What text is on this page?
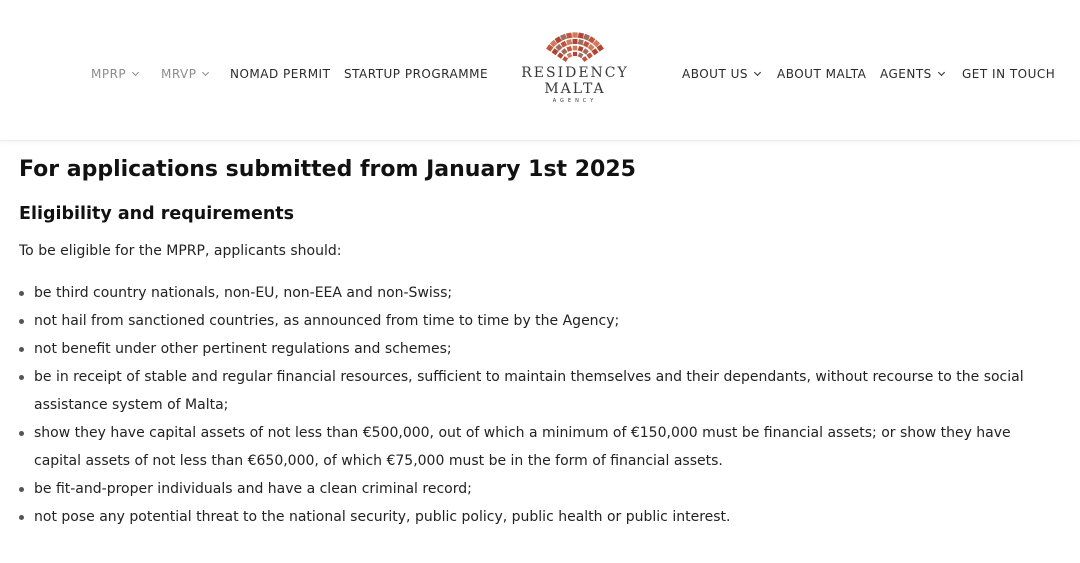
MPRP	MRVP	NOMAD PERMIT STARTUP PROGRAMME	RESIDENCY
MALTA
AGENCY
ABOUT US	ABOUT MALTA AGENTS	GET IN TOUCH
For applications submitted from January 1st 2025
Eligibility and requirements

To be eligible for the MPRP, applicants should:

be third country nationals, non-EU, non-EEA and non-Swiss;
not hail from sanctioned countries, as announced from time to time by the Agency;
not benefit under other pertinent regulations and schemes;
be in receipt of stable and regular financial resources, sufficient to maintain themselves and their dependants, without recourse to the social assistance system of Malta;
show they have capital assets of not less than €500,000, out of which a minimum of €150,000 must be financial assets; or show they have capital assets of not less than €650,000, of which €75,000 must be in the form of financial assets.
be fit-and-proper individuals and have a clean criminal record;
not pose any potential threat to the national security, public policy, public health or public interest.
